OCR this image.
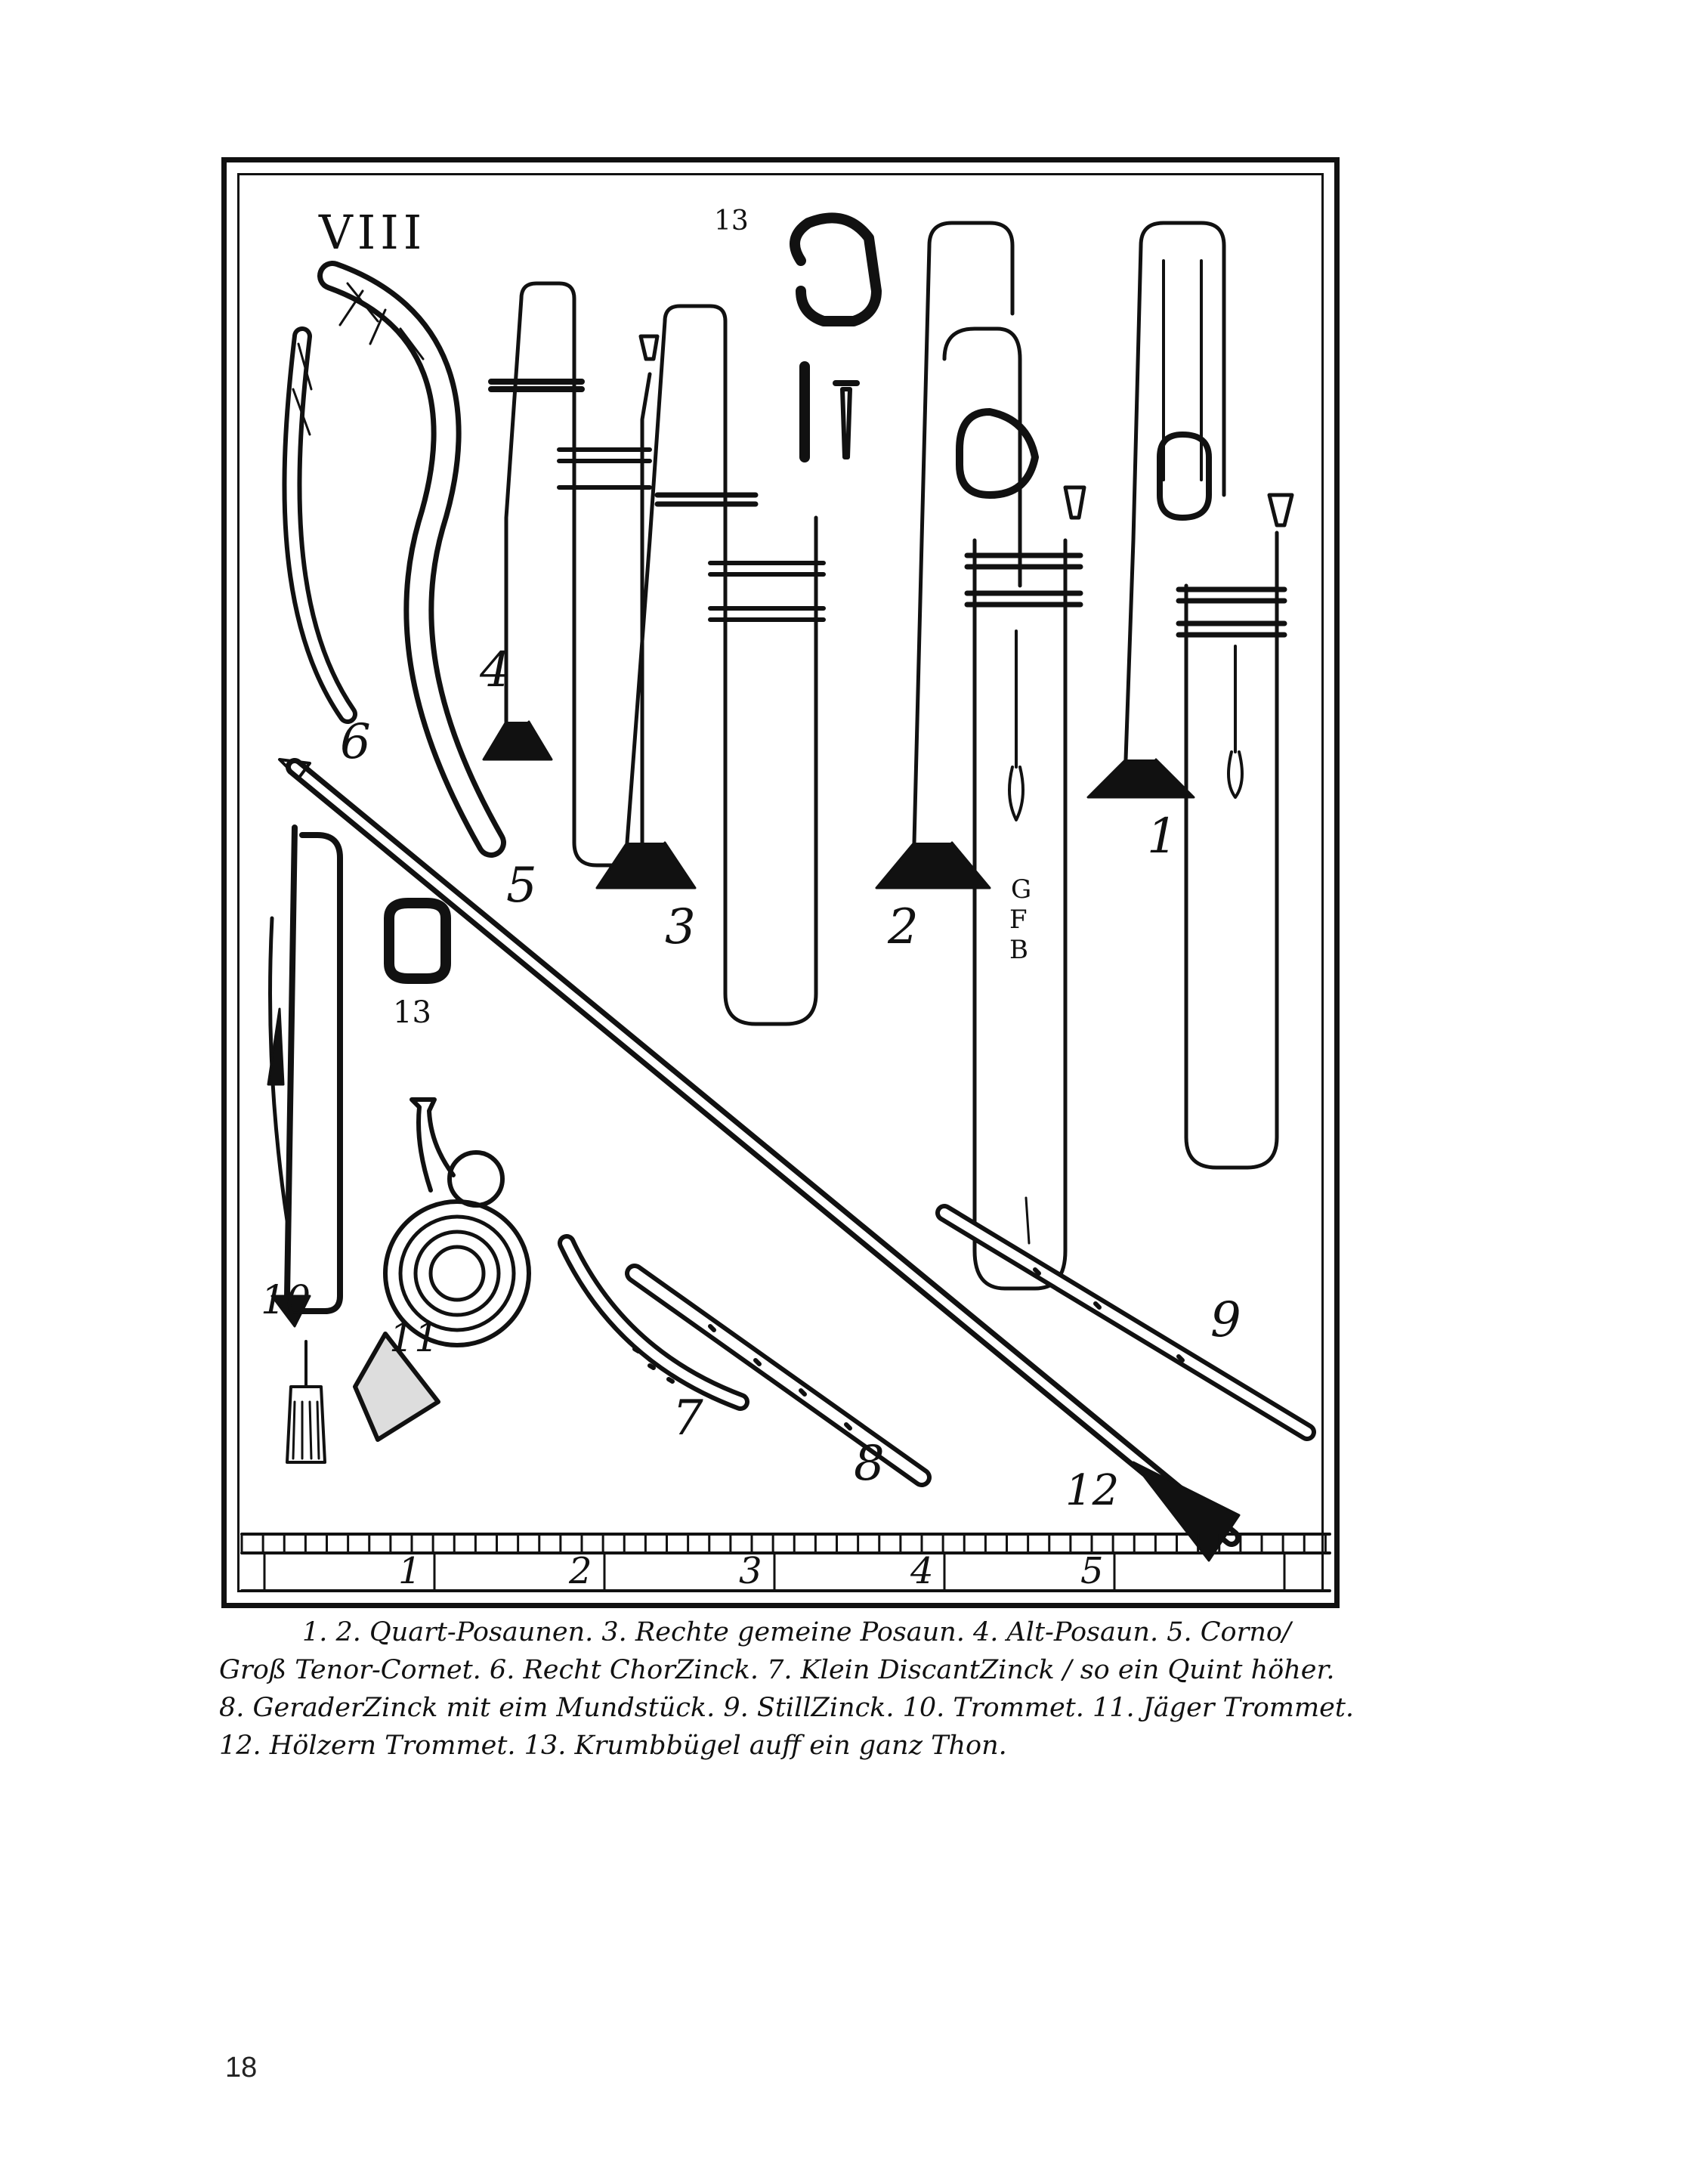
VIII
1
2
3
4
5
6
7
8
9
10
11
12
13
13
G
F
B
1	2	3	4	5
1. 2. Quart-Posaunen. 3. Rechte gemeine Posaun. 4. Alt-Posaun. 5. Corno/
Groß Tenor-Cornet. 6. Recht ChorZinck. 7. Klein DiscantZinck / so ein Quint höher.
8. GeraderZinck mit eim Mundstück. 9. StillZinck. 10. Trommet. 11. Jäger Trommet.
12. Hölzern Trommet. 13. Krumbbügel auff ein ganz Thon.
18
